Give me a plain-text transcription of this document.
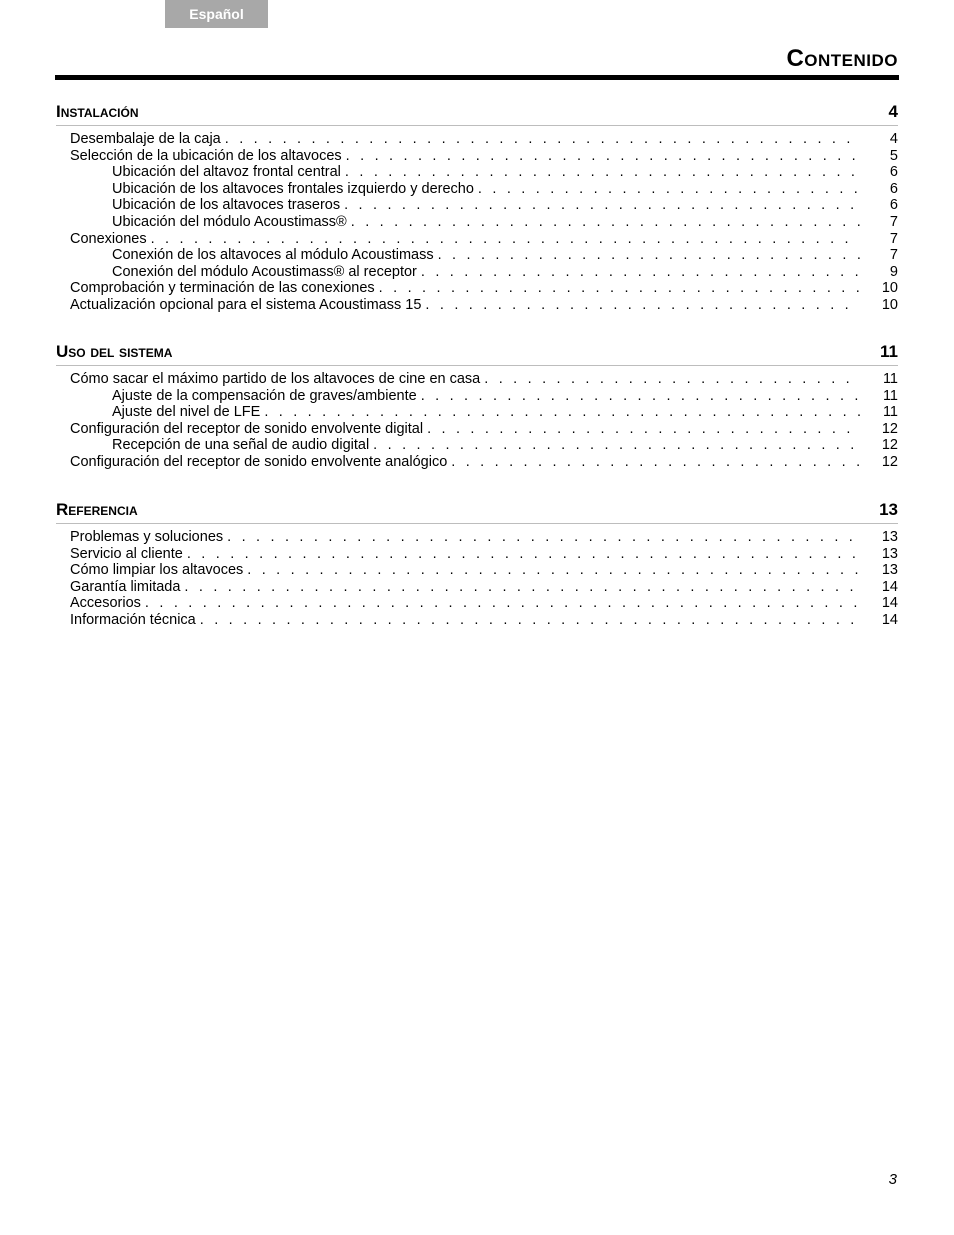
Español
Contenido
Instalación	4
Desembalaje de la caja . . .	4
Selección de la ubicación de los altavoces . . .	5
Ubicación del altavoz frontal central . . .	6
Ubicación de los altavoces frontales izquierdo y derecho . . .	6
Ubicación de los altavoces traseros . . .	6
Ubicación del módulo Acoustimass® . . .	7
Conexiones . . .	7
Conexión de los altavoces al módulo Acoustimass . . .	7
Conexión del módulo Acoustimass® al receptor . . .	9
Comprobación y terminación de las conexiones . . .	10
Actualización opcional para el sistema Acoustimass 15 . . .	10
Uso del sistema	11
Cómo sacar el máximo partido de los altavoces de cine en casa . . .	11
Ajuste de la compensación de graves/ambiente . . .	11
Ajuste del nivel de LFE . . .	11
Configuración del receptor de sonido envolvente digital . . .	12
Recepción de una señal de audio digital . . .	12
Configuración del receptor de sonido envolvente analógico . . .	12
Referencia	13
Problemas y soluciones . . .	13
Servicio al cliente . . .	13
Cómo limpiar los altavoces . . .	13
Garantía limitada . . .	14
Accesorios . . .	14
Información técnica . . .	14
3
